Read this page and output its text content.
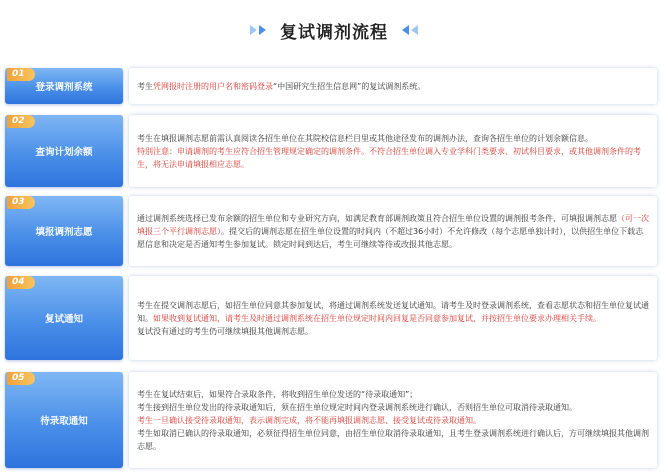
复试调剂流程
01
登录调剂系统	考生凭网报时注册的用户名和密码登录“中国研究生招生信息网”的复试调剂系统。

02
查询计划余额

考生在填报调剂志愿前需认真阅读各招生单位在其院校信息栏目里或其他途径发布的调剂办法，查询各招生单位的计划余额信息。

特别注意：申请调剂的考生应符合招生管理规定确定的调剂条件。不符合招生单位调入专业学科门类要求、初试科目要求，或其他调剂条件的考生，将无法申请填报相应志愿。

03
填报调剂志愿

通过调剂系统选择已发布余额的招生单位和专业研究方向，如满足教育部调剂政策且符合招生单位设置的调剂报考条件，可填报调剂志愿（可一次填报三个平行调剂志愿）。提交后的调剂志愿在招生单位设置的时间内（不超过36小时）不允许修改（每个志愿单独计时），以供招生单位下载志愿信息和决定是否通知考生参加复试。锁定时间到达后，考生可继续等待或改报其他志愿。

04
复试通知

考生在提交调剂志愿后，如招生单位同意其参加复试，将通过调剂系统发送复试通知。请考生及时登录调剂系统，查看志愿状态和招生单位复试通知。如果收到复试通知，请考生及时通过调剂系统在招生单位规定时间内回复是否同意参加复试，并按招生单位要求办理相关手续。

复试没有通过的考生仍可继续填报其他调剂志愿。

05
待录取通知

考生在复试结束后，如果符合录取条件，将收到招生单位发送的“待录取通知”；

考生接到招生单位发出的待录取通知后，须在招生单位规定时间内登录调剂系统进行确认，否则招生单位可取消待录取通知。

考生一旦确认接受待录取通知，表示调剂完成，将不能再填报调剂志愿、接受复试或待录取通知。

考生如取消已确认的待录取通知，必须征得招生单位同意，由招生单位取消待录取通知，且考生登录调剂系统进行确认后，方可继续填报其他调剂志愿。
